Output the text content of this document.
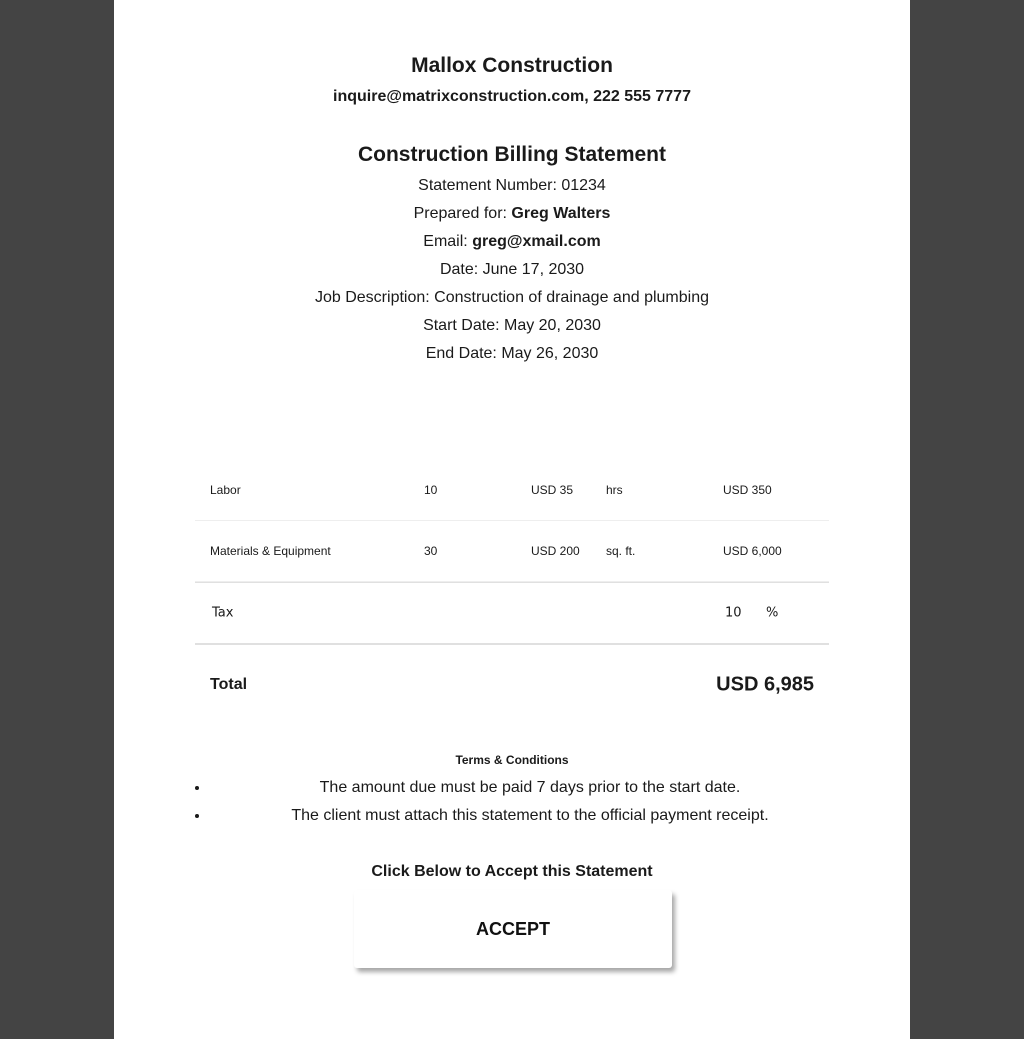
Mallox Construction
inquire@matrixconstruction.com, 222 555 7777
Construction Billing Statement
Statement Number: 01234
Prepared for: Greg Walters
Email: greg@xmail.com
Date: June 17, 2030
Job Description: Construction of drainage and plumbing
Start Date: May 20, 2030
End Date: May 26, 2030
Labor	10	USD 35	hrs	USD 350
Materials & Equipment	30	USD 200 sq. ft.	USD 6,000
Tax	10 %
Total	USD 6,985
Terms & Conditions
• The amount due must be paid 7 days prior to the start date.
• The client must attach this statement to the official payment receipt.
Click Below to Accept this Statement
ACCEPT
